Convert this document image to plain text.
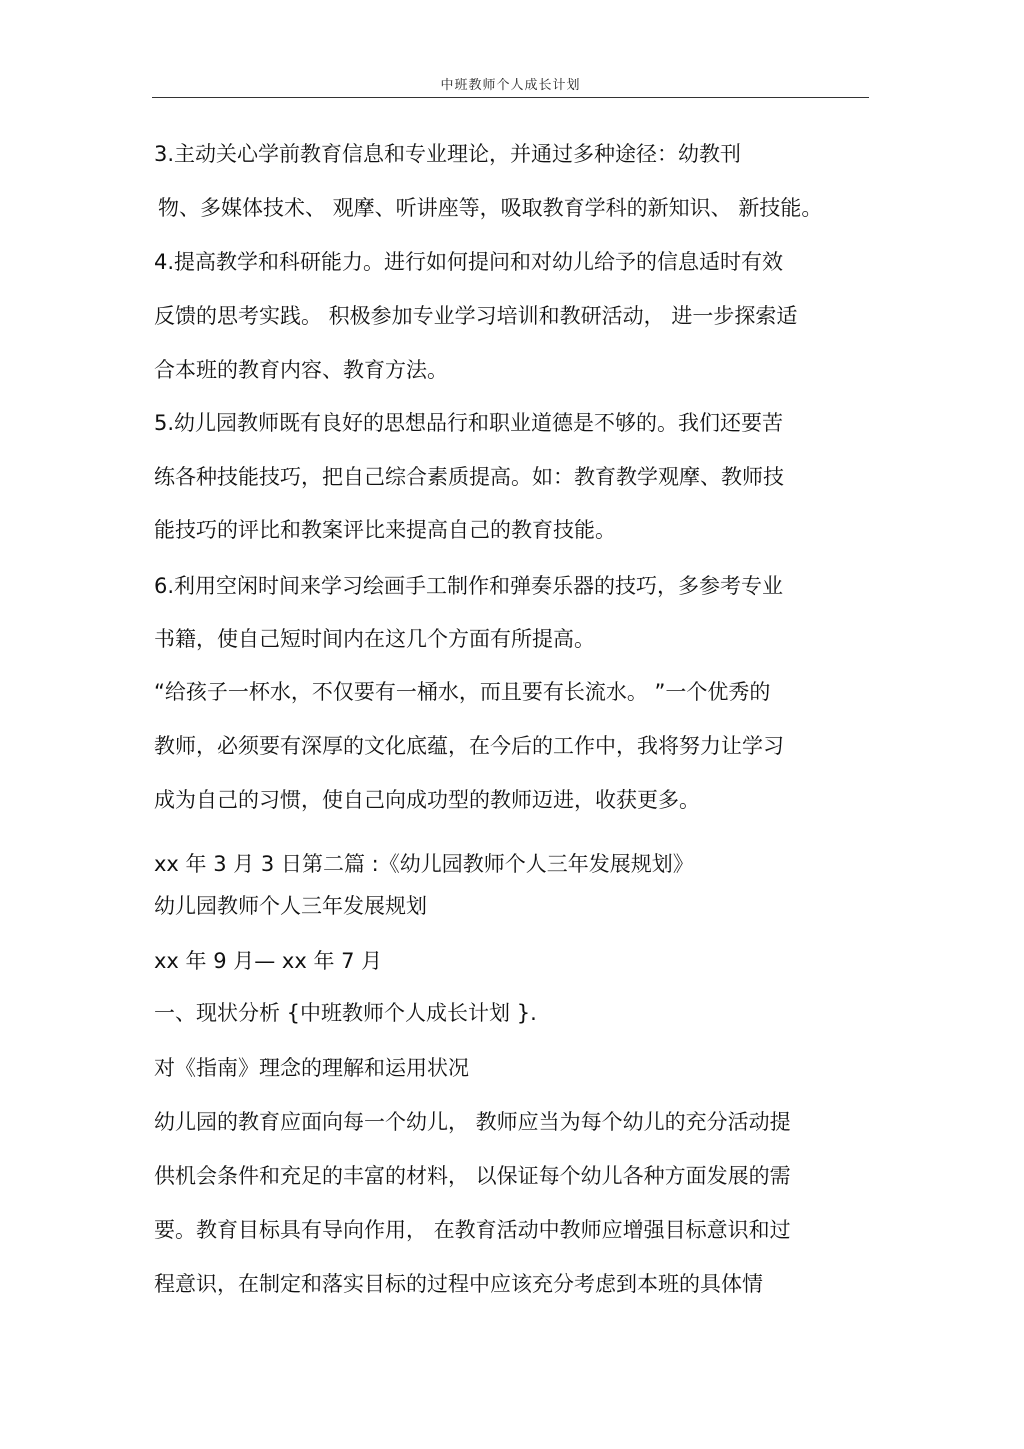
中班教师个人成长计划
3.主动关心学前教育信息和专业理论，并通过多种途径：幼教刊
物、多媒体技术、 观摩、听讲座等，吸取教育学科的新知识、 新技能。
4.提高教学和科研能力。进行如何提问和对幼儿给予的信息适时有效
反馈的思考实践。 积极参加专业学习培训和教研活动， 进一步探索适
合本班的教育内容、教育方法。
5.幼儿园教师既有良好的思想品行和职业道德是不够的。我们还要苦
练各种技能技巧，把自己综合素质提高。如：教育教学观摩、教师技
能技巧的评比和教案评比来提高自己的教育技能。
6.利用空闲时间来学习绘画手工制作和弹奏乐器的技巧，多参考专业
书籍，使自己短时间内在这几个方面有所提高。
“给孩子一杯水，不仅要有一桶水，而且要有长流水。 ”一个优秀的
教师，必须要有深厚的文化底蕴，在今后的工作中，我将努力让学习
成为自己的习惯，使自己向成功型的教师迈进，收获更多。
xx 年 3 月 3 日第二篇 :《幼儿园教师个人三年发展规划》
幼儿园教师个人三年发展规划
xx 年 9 月— xx 年 7 月
一、现状分析 {中班教师个人成长计划 }.
对《指南》理念的理解和运用状况
幼儿园的教育应面向每一个幼儿， 教师应当为每个幼儿的充分活动提
供机会条件和充足的丰富的材料， 以保证每个幼儿各种方面发展的需
要。教育目标具有导向作用， 在教育活动中教师应增强目标意识和过
程意识，在制定和落实目标的过程中应该充分考虑到本班的具体情
